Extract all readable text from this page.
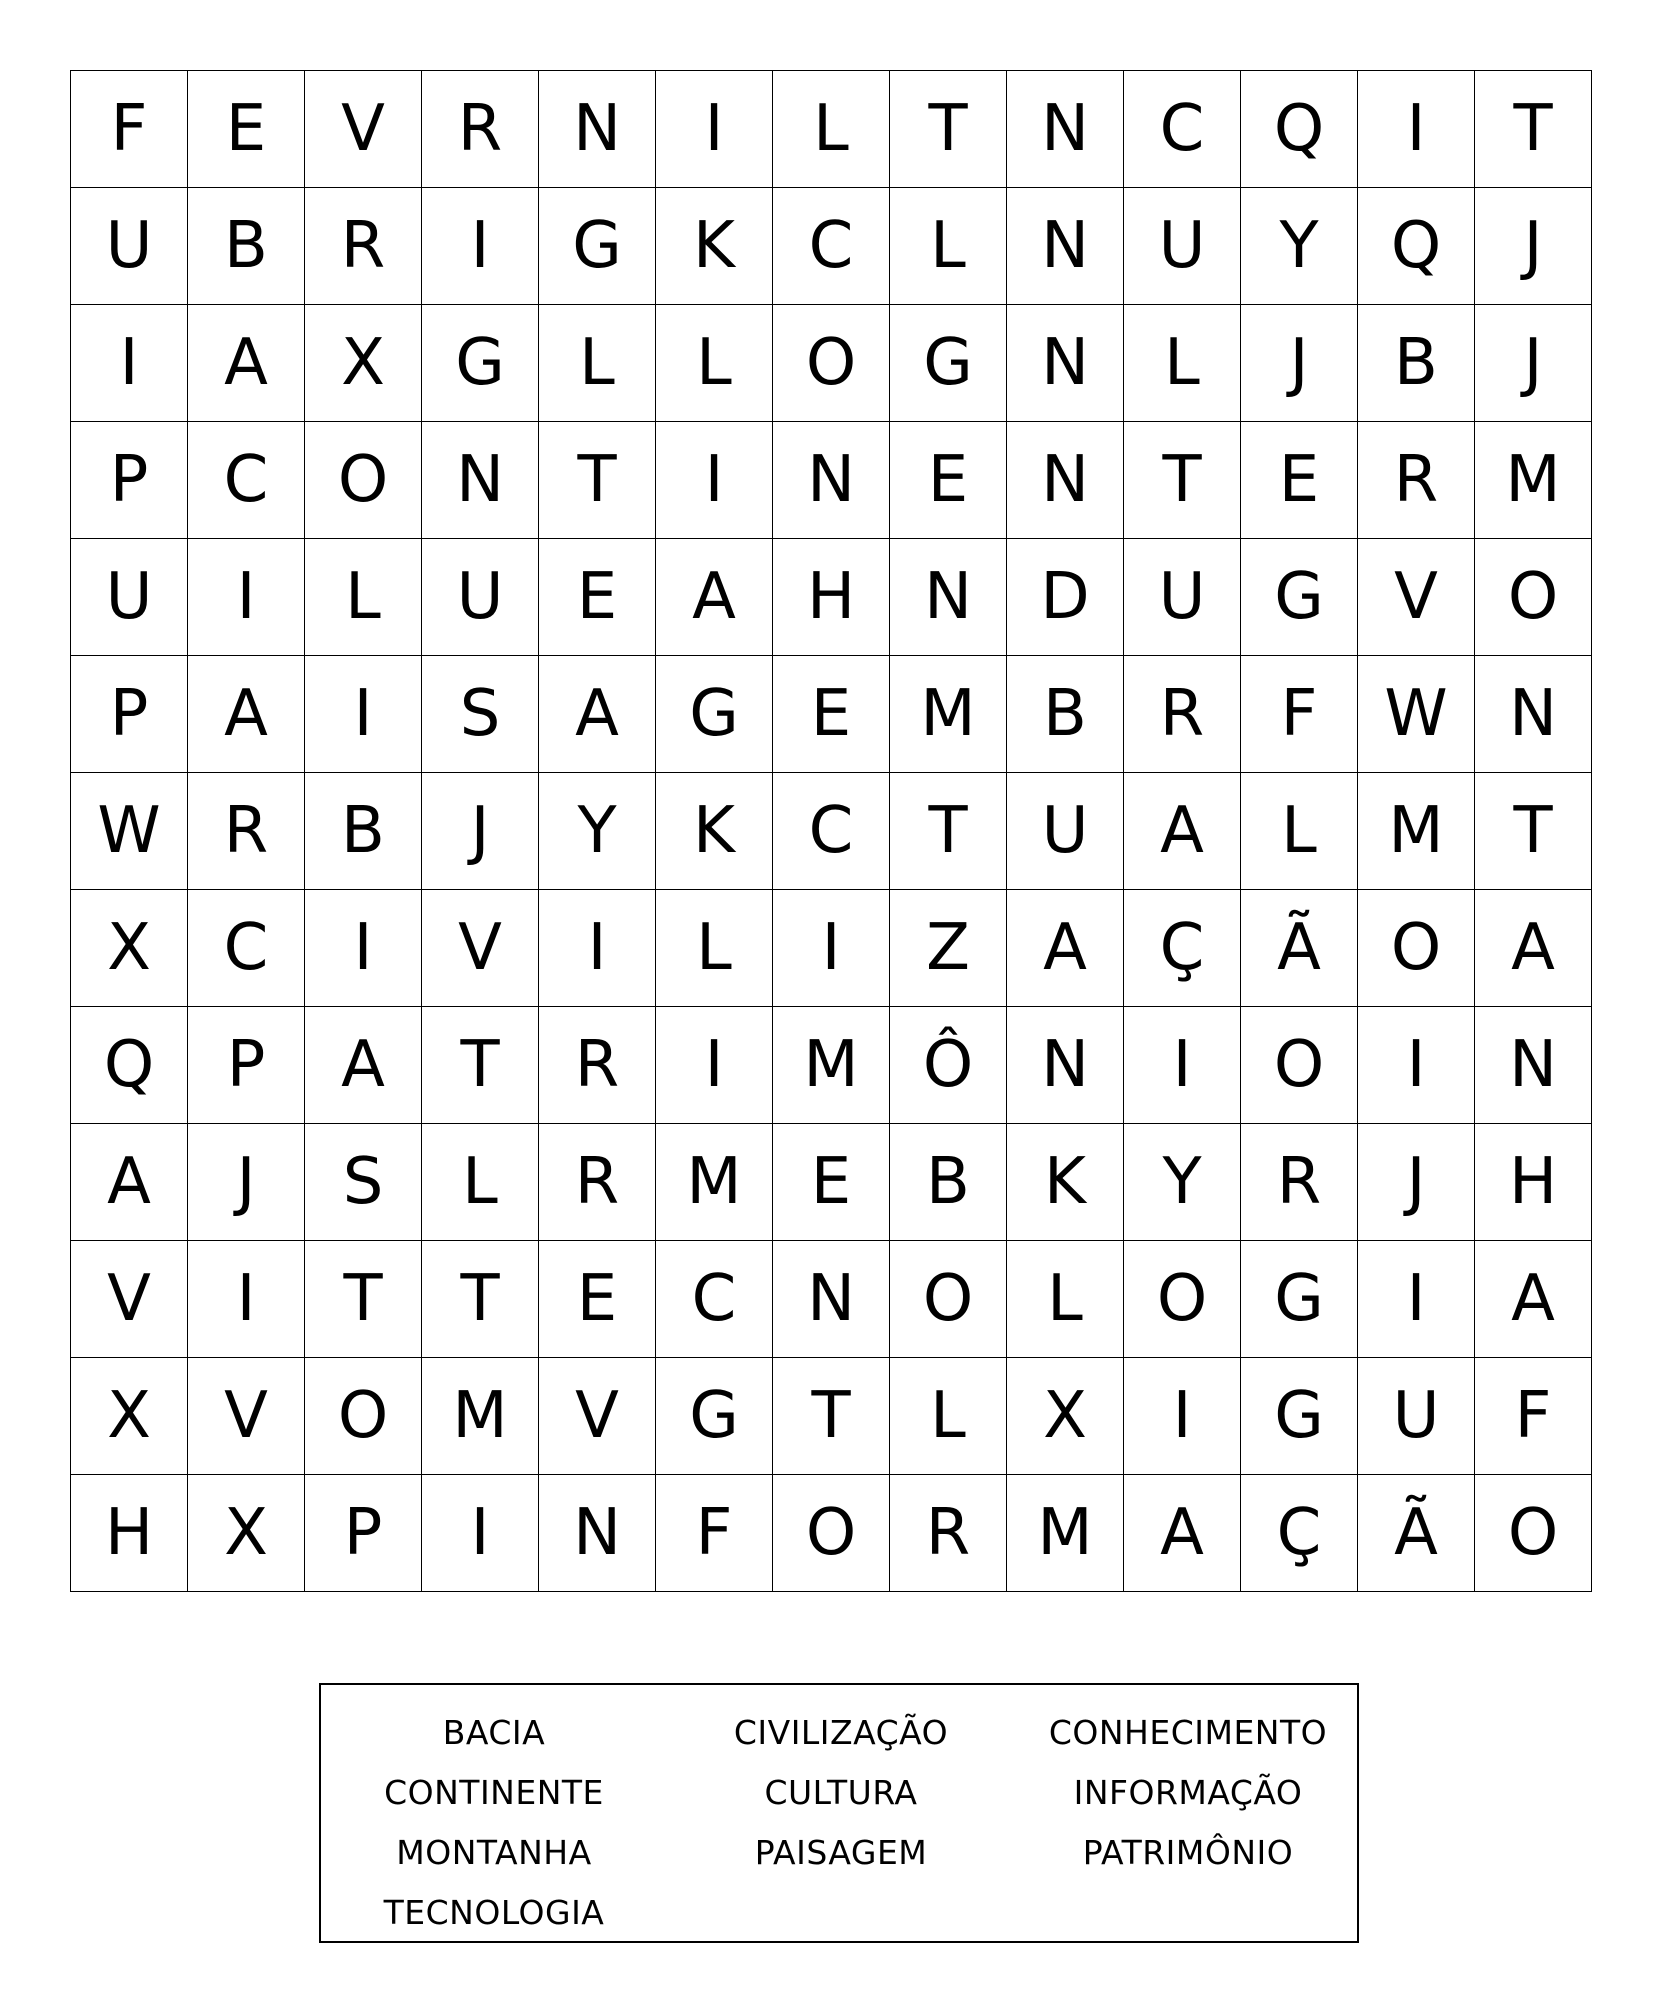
F	E	V	R	N	I	L	T	N	C	Q	I	T
U	B	R	I	G	K	C	L	N	U	Y	Q	J
I	A	X	G	L	L	O	G	N	L	J	B	J
P	C	O	N	T	I	N	E	N	T	E	R	M
U	I	L	U	E	A	H	N	D	U	G	V	O
P	A	I	S	A	G	E	M	B	R	F	W	N
W	R	B	J	Y	K	C	T	U	A	L	M	T
X	C	I	V	I	L	I	Z	A	Ç	Ã	O	A
Q	P	A	T	R	I	M	Ô	N	I	O	I	N
A	J	S	L	R	M	E	B	K	Y	R	J	H
V	I	T	T	E	C	N	O	L	O	G	I	A
X	V	O	M	V	G	T	L	X	I	G	U	F
H	X	P	I	N	F	O	R	M	A	Ç	Ã	O
BACIA
CONTINENTE
MONTANHA
TECNOLOGIA
CIVILIZAÇÃO
CULTURA
PAISAGEM
CONHECIMENTO
INFORMAÇÃO
PATRIMÔNIO
